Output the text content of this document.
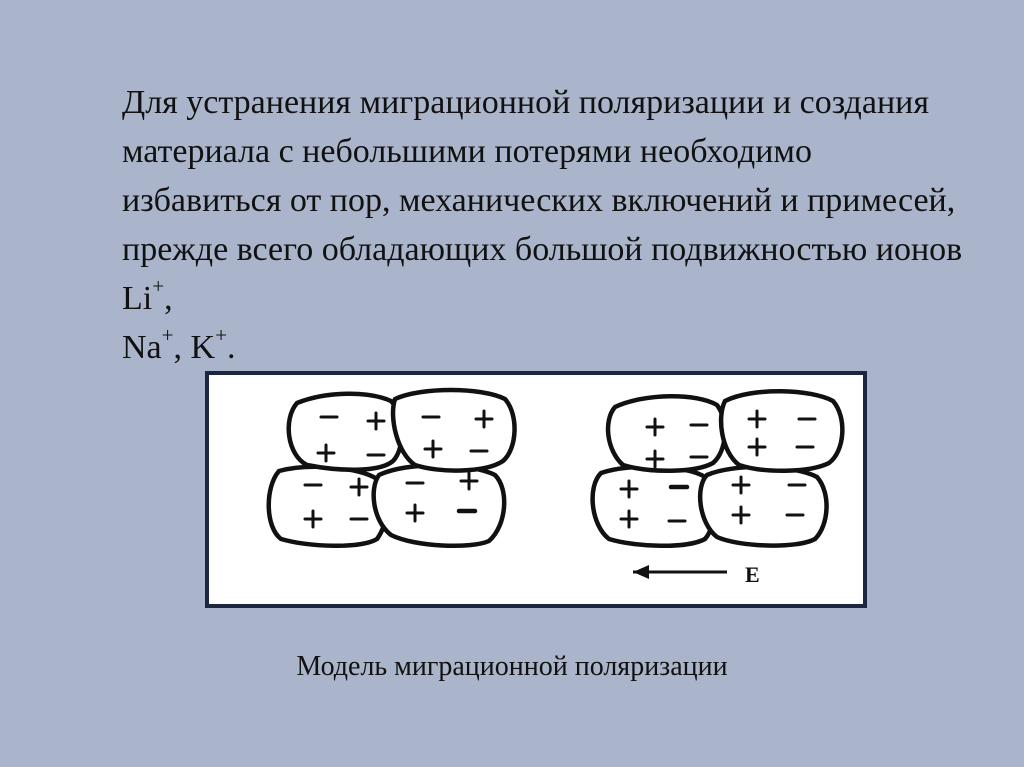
Для устранения миграционной поляризации и создания материала с небольшими потерями необходимо избавиться от пор, механических включений и примесей, прежде всего обладающих большой подвижностью ионов Li+,
Na+, K+.

E
Модель миграционной поляризации
